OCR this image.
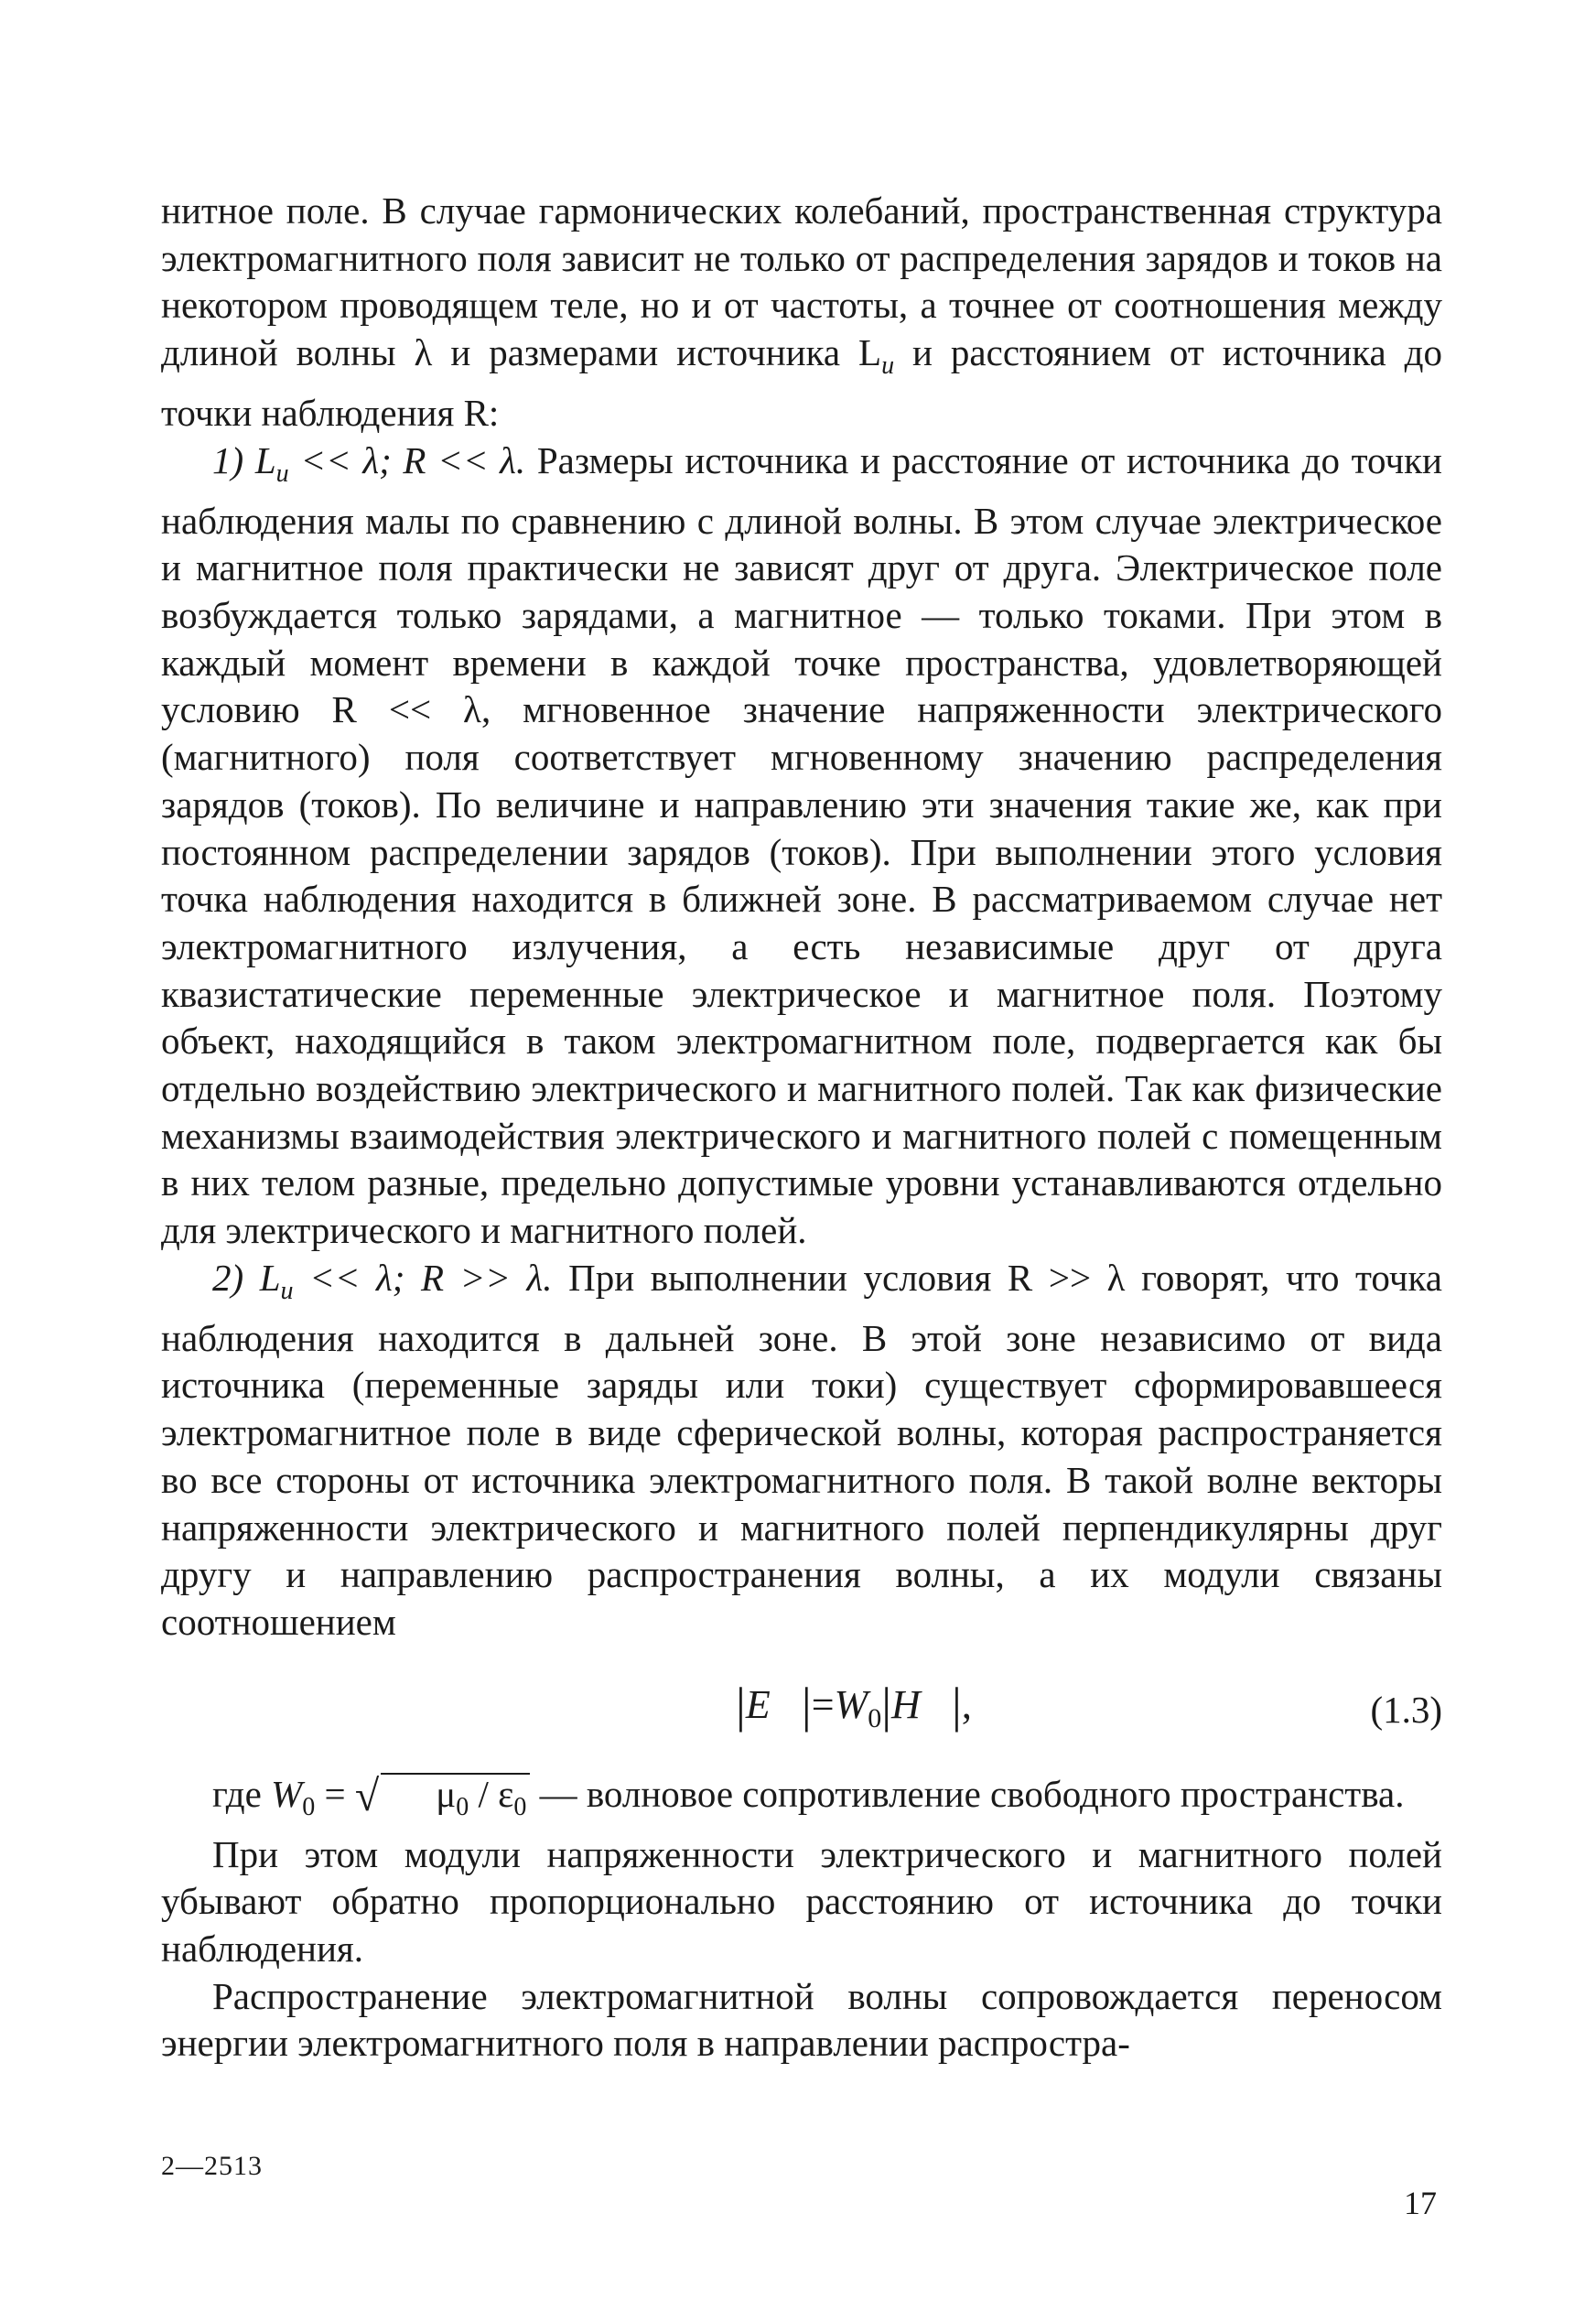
нитное поле. В случае гармонических колебаний, пространственная структура электромагнитного поля зависит не только от распределения зарядов и токов на некотором проводящем теле, но и от частоты, а точнее от соотношения между длиной волны λ и размерами источника $L_и$ и расстоянием от источника до точки наблюдения R:

1) $L_и << \lambda$; R << λ. Размеры источника и расстояние от источника до точки наблюдения малы по сравнению с длиной волны. В этом случае электрическое и магнитное поля практически не зависят друг от друга. Электрическое поле возбуждается только зарядами, а магнитное — только токами. При этом в каждый момент времени в каждой точке пространства, удовлетворяющей условию R << λ, мгновенное значение напряженности электрического (магнитного) поля соответствует мгновенному значению распределения зарядов (токов). По величине и направлению эти значения такие же, как при постоянном распределении зарядов (токов). При выполнении этого условия точка наблюдения находится в ближней зоне. В рассматриваемом случае нет электромагнитного излучения, а есть независимые друг от друга квазистатические переменные электрическое и магнитное поля. Поэтому объект, находящийся в таком электромагнитном поле, подвергается как бы отдельно воздействию электрического и магнитного полей. Так как физические механизмы взаимодействия электрического и магнитного полей с помещенным в них телом разные, предельно допустимые уровни устанавливаются отдельно для электрического и магнитного полей.

2) $L_и << \lambda$; R >> λ. При выполнении условия R >> λ говорят, что точка наблюдения находится в дальней зоне. В этой зоне независимо от вида источника (переменные заряды или токи) существует сформировавшееся электромагнитное поле в виде сферической волны, которая распространяется во все стороны от источника электромагнитного поля. В такой волне векторы напряженности электрического и магнитного полей перпендикулярны друг другу и направлению распространения волны, а их модули связаны соотношением

$|E⃗|=W_0|H⃗|$,	(1.3)

где $W_0$ = √ $\mu_0 / \varepsilon_0$ — волновое сопротивление свободного пространства.

При этом модули напряженности электрического и магнитного полей убывают обратно пропорционально расстоянию от источника до точки наблюдения.

Распространение электромагнитной волны сопровождается переносом энергии электромагнитного поля в направлении распростра-

2—2513
17
